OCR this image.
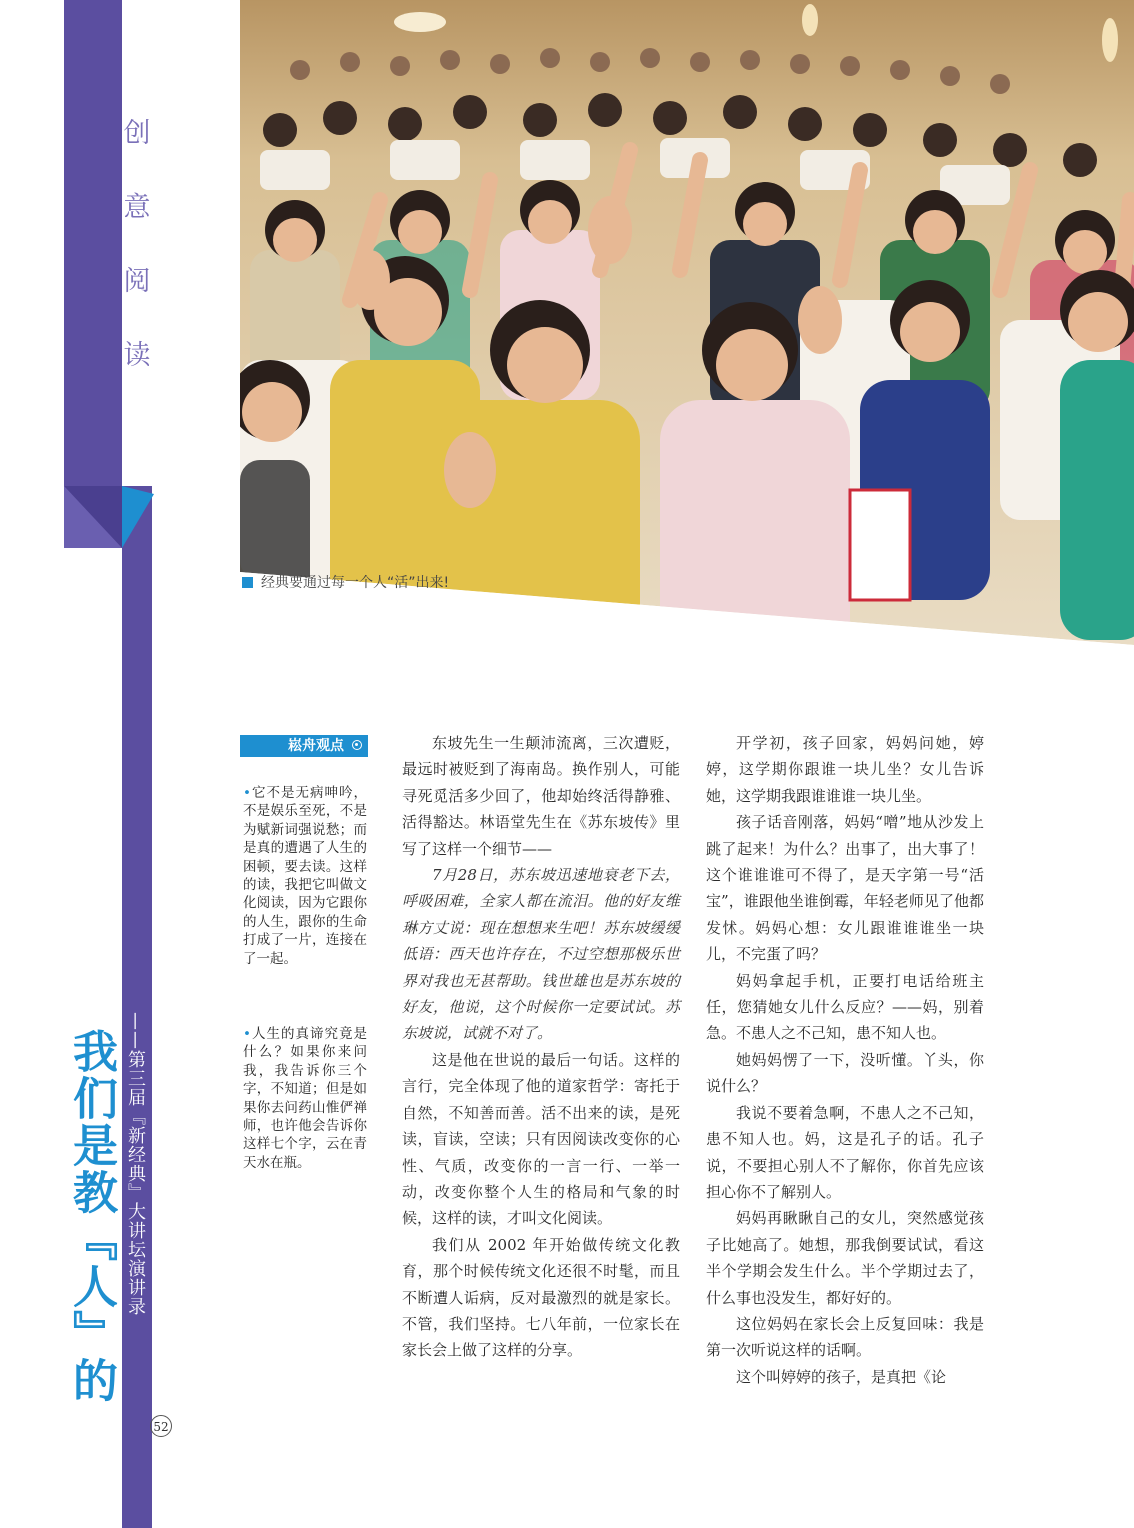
创
意
阅
读
经典要通过每一个人“活”出来!
我们是教『人』的 ——第三届『新经典』大讲坛演讲录
52
崧舟观点
•它不是无病呻吟，不是娱乐至死，不是为赋新词强说愁；而是真的遭遇了人生的困顿，要去读。这样的读，我把它叫做文化阅读，因为它跟你的人生，跟你的生命打成了一片，连接在了一起。
•人生的真谛究竟是什么？如果你来问我，我告诉你三个字，不知道；但是如果你去问药山惟俨禅师，也许他会告诉你这样七个字，云在青天水在瓶。

东坡先生一生颠沛流离，三次遭贬，最远时被贬到了海南岛。换作别人，可能寻死觅活多少回了，他却始终活得静雅、活得豁达。林语堂先生在《苏东坡传》里写了这样一个细节——

7月28日，苏东坡迅速地衰老下去，呼吸困难，全家人都在流泪。他的好友维琳方丈说：现在想想来生吧！苏东坡缓缓低语：西天也许存在，不过空想那极乐世界对我也无甚帮助。钱世雄也是苏东坡的好友，他说，这个时候你一定要试试。苏东坡说，试就不对了。

这是他在世说的最后一句话。这样的言行，完全体现了他的道家哲学：寄托于自然，不知善而善。活不出来的读，是死读，盲读，空读；只有因阅读改变你的心性、气质，改变你的一言一行、一举一动，改变你整个人生的格局和气象的时候，这样的读，才叫文化阅读。

我们从 2002 年开始做传统文化教育，那个时候传统文化还很不时髦，而且不断遭人诟病，反对最激烈的就是家长。不管，我们坚持。七八年前，一位家长在家长会上做了这样的分享。

开学初，孩子回家，妈妈问她，婷婷，这学期你跟谁一块儿坐？女儿告诉她，这学期我跟谁谁谁一块儿坐。

孩子话音刚落，妈妈“噌”地从沙发上跳了起来！为什么？出事了，出大事了！这个谁谁谁可不得了，是天字第一号“活宝”，谁跟他坐谁倒霉，年轻老师见了他都发怵。妈妈心想：女儿跟谁谁谁坐一块儿，不完蛋了吗？

妈妈拿起手机，正要打电话给班主任，您猜她女儿什么反应？——妈，别着急。不患人之不己知，患不知人也。

她妈妈愣了一下，没听懂。丫头，你说什么？

我说不要着急啊，不患人之不己知，患不知人也。妈，这是孔子的话。孔子说，不要担心别人不了解你，你首先应该担心你不了解别人。

妈妈再瞅瞅自己的女儿，突然感觉孩子比她高了。她想，那我倒要试试，看这半个学期会发生什么。半个学期过去了，什么事也没发生，都好好的。

这位妈妈在家长会上反复回味：我是第一次听说这样的话啊。

这个叫婷婷的孩子，是真把《论
